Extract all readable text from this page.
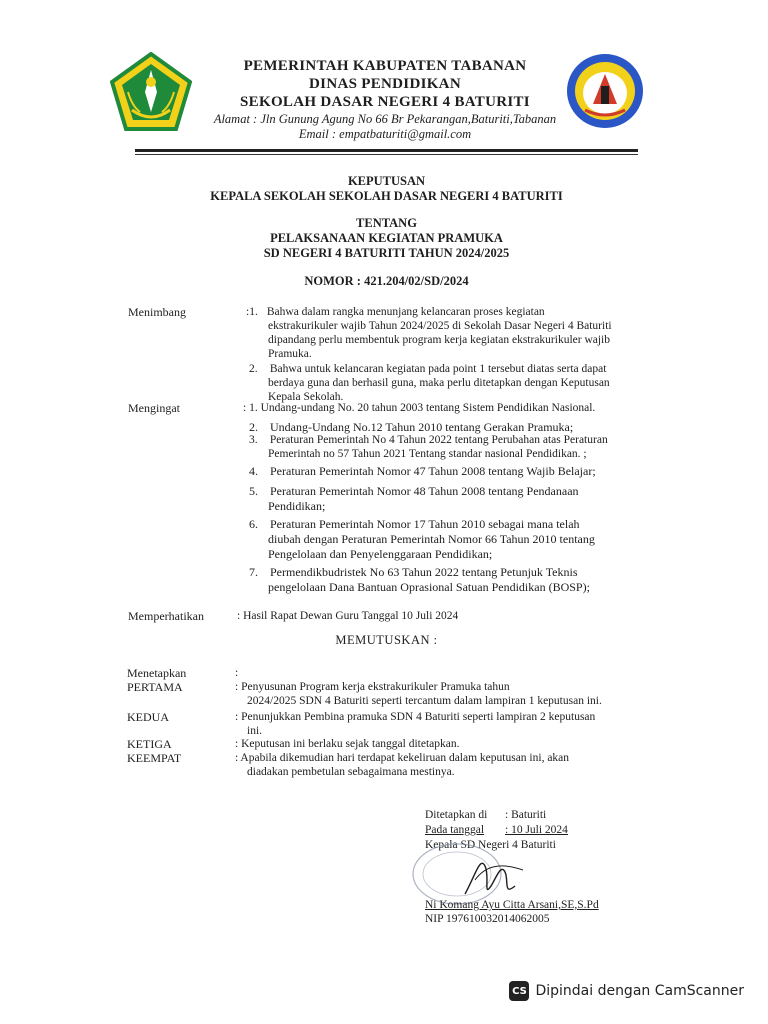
PEMERINTAH KABUPATEN TABANAN
DINAS PENDIDIKAN
SEKOLAH DASAR NEGERI 4 BATURITI
Alamat : Jln Gunung Agung No 66 Br Pekarangan,Baturiti,Tabanan
Email : empatbaturiti@gmail.com
KEPUTUSAN
KEPALA SEKOLAH SEKOLAH DASAR NEGERI 4 BATURITI
TENTANG
PELAKSANAAN KEGIATAN PRAMUKA
SD NEGERI 4 BATURITI TAHUN 2024/2025
NOMOR : 421.204/02/SD/2024
Menimbang	:1. Bahwa dalam rangka menunjang kelancaran proses kegiatan
ekstrakurikuler wajib Tahun 2024/2025 di Sekolah Dasar Negeri 4 Baturiti
dipandang perlu membentuk program kerja kegiatan ekstrakurikuler wajib
Pramuka.
2. Bahwa untuk kelancaran kegiatan pada point 1 tersebut diatas serta dapat
berdaya guna dan berhasil guna, maka perlu ditetapkan dengan Keputusan
Kepala Sekolah.
Mengingat	: 1. Undang-undang No. 20 tahun 2003 tentang Sistem Pendidikan Nasional.
2. Undang-Undang No.12 Tahun 2010 tentang Gerakan Pramuka;
3. Peraturan Pemerintah No 4 Tahun 2022 tentang Perubahan atas Peraturan
Pemerintah no 57 Tahun 2021 Tentang standar nasional Pendidikan. ;
4. Peraturan Pemerintah Nomor 47 Tahun 2008 tentang Wajib Belajar;
5. Peraturan Pemerintah Nomor 48 Tahun 2008 tentang Pendanaan
Pendidikan;
6. Peraturan Pemerintah Nomor 17 Tahun 2010 sebagai mana telah
diubah dengan Peraturan Pemerintah Nomor 66 Tahun 2010 tentang
Pengelolaan dan Penyelenggaraan Pendidikan;
7. Permendikbudristek No 63 Tahun 2022 tentang Petunjuk Teknis
pengelolaan Dana Bantuan Oprasional Satuan Pendidikan (BOSP);
Memperhatikan	: Hasil Rapat Dewan Guru Tanggal 10 Juli 2024
MEMUTUSKAN :
Menetapkan	:
PERTAMA	: Penyusunan Program kerja ekstrakurikuler Pramuka tahun
2024/2025 SDN 4 Baturiti seperti tercantum dalam lampiran 1 keputusan ini.
KEDUA	: Penunjukkan Pembina pramuka SDN 4 Baturiti seperti lampiran 2 keputusan
ini.
KETIGA	: Keputusan ini berlaku sejak tanggal ditetapkan.
KEEMPAT	: Apabila dikemudian hari terdapat kekeliruan dalam keputusan ini, akan
diadakan pembetulan sebagaimana mestinya.
Ditetapkan di : Baturiti
Pada tanggal : 10 Juli 2024
Kepala SD Negeri 4 Baturiti
Ni Komang Ayu Citta Arsani,SE,S.Pd
NIP 197610032014062005
CS Dipindai dengan CamScanner
